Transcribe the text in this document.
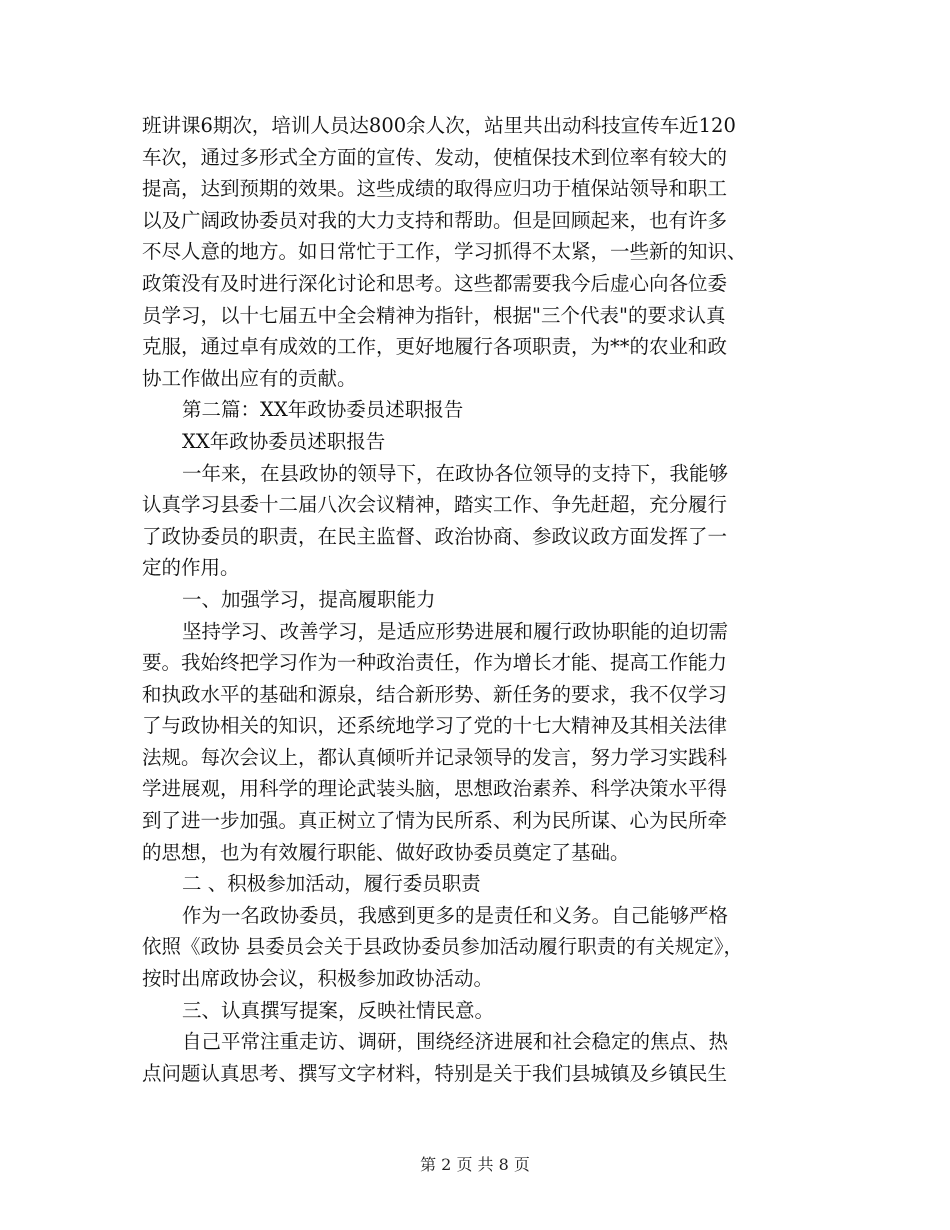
班讲课6期次，培训人员达800余人次，站里共出动科技宣传车近120
车次，通过多形式全方面的宣传、发动，使植保技术到位率有较大的
提高，达到预期的效果。这些成绩的取得应归功于植保站领导和职工
以及广阔政协委员对我的大力支持和帮助。但是回顾起来，也有许多
不尽人意的地方。如日常忙于工作，学习抓得不太紧，一些新的知识、
政策没有及时进行深化讨论和思考。这些都需要我今后虚心向各位委
员学习，以十七届五中全会精神为指针，根据"三个代表"的要求认真
克服，通过卓有成效的工作，更好地履行各项职责，为**的农业和政
协工作做出应有的贡献。
第二篇：XX年政协委员述职报告
XX年政协委员述职报告
一年来，在县政协的领导下，在政协各位领导的支持下，我能够
认真学习县委十二届八次会议精神，踏实工作、争先赶超，充分履行
了政协委员的职责，在民主监督、政治协商、参政议政方面发挥了一
定的作用。
一、加强学习，提高履职能力
坚持学习、改善学习，是适应形势进展和履行政协职能的迫切需
要。我始终把学习作为一种政治责任，作为增长才能、提高工作能力
和执政水平的基础和源泉，结合新形势、新任务的要求，我不仅学习
了与政协相关的知识，还系统地学习了党的十七大精神及其相关法律
法规。每次会议上，都认真倾听并记录领导的发言，努力学习实践科
学进展观，用科学的理论武装头脑，思想政治素养、科学决策水平得
到了进一步加强。真正树立了情为民所系、利为民所谋、心为民所牵
的思想，也为有效履行职能、做好政协委员奠定了基础。
二 、积极参加活动，履行委员职责
作为一名政协委员，我感到更多的是责任和义务。自己能够严格
依照《政协 县委员会关于县政协委员参加活动履行职责的有关规定》，
按时出席政协会议，积极参加政协活动。
三、认真撰写提案，反映社情民意。
自己平常注重走访、调研，围绕经济进展和社会稳定的焦点、热
点问题认真思考、撰写文字材料，特别是关于我们县城镇及乡镇民生
第 2 页 共 8 页
